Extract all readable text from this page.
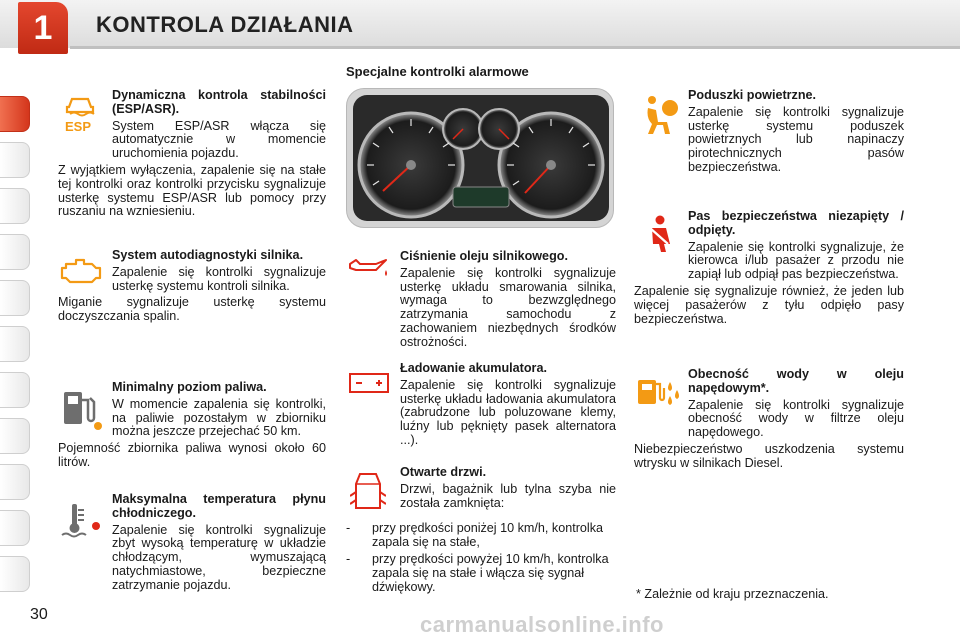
1	KONTROLA DZIAŁANIA
ESP

Dynamiczna kontrola stabilności (ESP/ASR).

System ESP/ASR włącza się automatycznie w momencie uruchomienia pojazdu.

Z wyjątkiem wyłączenia, zapalenie się na stałe tej kontrolki oraz kontrolki przycisku sygnalizuje usterkę systemu ESP/ASR lub pomocy przy ruszaniu na wzniesieniu.

System autodiagnostyki silnika.

Zapalenie się kontrolki sygnalizuje usterkę systemu kontroli silnika.

Miganie sygnalizuje usterkę systemu doczyszczania spalin.

Minimalny poziom paliwa.

W momencie zapalenia się kontrolki, na paliwie pozostałym w zbiorniku można jeszcze przejechać 50 km.

Pojemność zbiornika paliwa wynosi około 60 litrów.

Maksymalna temperatura płynu chłodniczego.

Zapalenie się kontrolki sygnalizuje zbyt wysoką temperaturę w układzie chłodzącym, wymuszającą natychmiastowe, bezpieczne zatrzymanie pojazdu.

Specjalne kontrolki alarmowe

Ciśnienie oleju silnikowego.

Zapalenie się kontrolki sygnalizuje usterkę układu smarowania silnika, wymaga to bezwzględnego zatrzymania samochodu z zachowaniem niezbędnych środków ostrożności.

Ładowanie akumulatora.

Zapalenie się kontrolki sygnalizuje usterkę układu ładowania akumulatora (zabrudzone lub poluzowane klemy, luźny lub pęknięty pasek alternatora ...).

Otwarte drzwi.

Drzwi, bagażnik lub tylna szyba nie została zamknięta:

- przy prędkości poniżej 10 km/h, kontrolka zapala się na stałe,
- przy prędkości powyżej 10 km/h, kontrolka zapala się na stałe i włącza się sygnał dźwiękowy.

Poduszki powietrzne.

Zapalenie się kontrolki sygnalizuje usterkę systemu poduszek powietrznych lub napinaczy pirotechnicznych pasów bezpieczeństwa.

Pas bezpieczeństwa niezapięty / odpięty.

Zapalenie się kontrolki sygnalizuje, że kierowca i/lub pasażer z przodu nie zapiął lub odpiął pas bezpieczeństwa.

Zapalenie się sygnalizuje również, że jeden lub więcej pasażerów z tyłu odpięło pasy bezpieczeństwa.

Obecność wody w oleju napędowym*.

Zapalenie się kontrolki sygnalizuje obecność wody w filtrze oleju napędowego.

Niebezpieczeństwo uszkodzenia systemu wtrysku w silnikach Diesel.

* Zależnie od kraju przeznaczenia.
30	carmanualsonline.info
